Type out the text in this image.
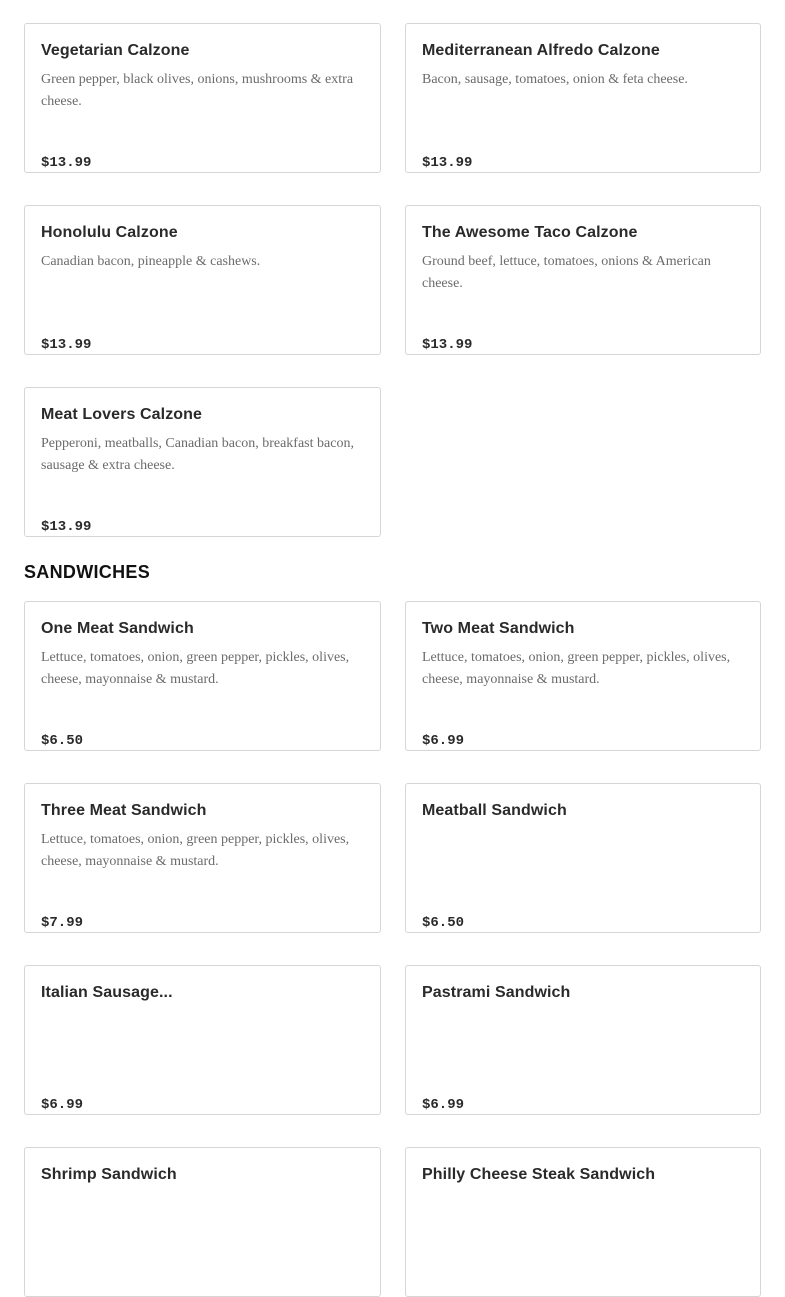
Vegetarian Calzone
Green pepper, black olives, onions, mushrooms & extra cheese.
$13.99
Mediterranean Alfredo Calzone
Bacon, sausage, tomatoes, onion & feta cheese.
$13.99
Honolulu Calzone
Canadian bacon, pineapple & cashews.
$13.99
The Awesome Taco Calzone
Ground beef, lettuce, tomatoes, onions & American cheese.
$13.99
Meat Lovers Calzone
Pepperoni, meatballs, Canadian bacon, breakfast bacon, sausage & extra cheese.
$13.99
SANDWICHES
One Meat Sandwich
Lettuce, tomatoes, onion, green pepper, pickles, olives, cheese, mayonnaise & mustard.
$6.50
Two Meat Sandwich
Lettuce, tomatoes, onion, green pepper, pickles, olives, cheese, mayonnaise & mustard.
$6.99
Three Meat Sandwich
Lettuce, tomatoes, onion, green pepper, pickles, olives, cheese, mayonnaise & mustard.
$7.99
Meatball Sandwich
$6.50
Italian Sausage...
$6.99
Pastrami Sandwich
$6.99
Shrimp Sandwich	Philly Cheese Steak Sandwich
